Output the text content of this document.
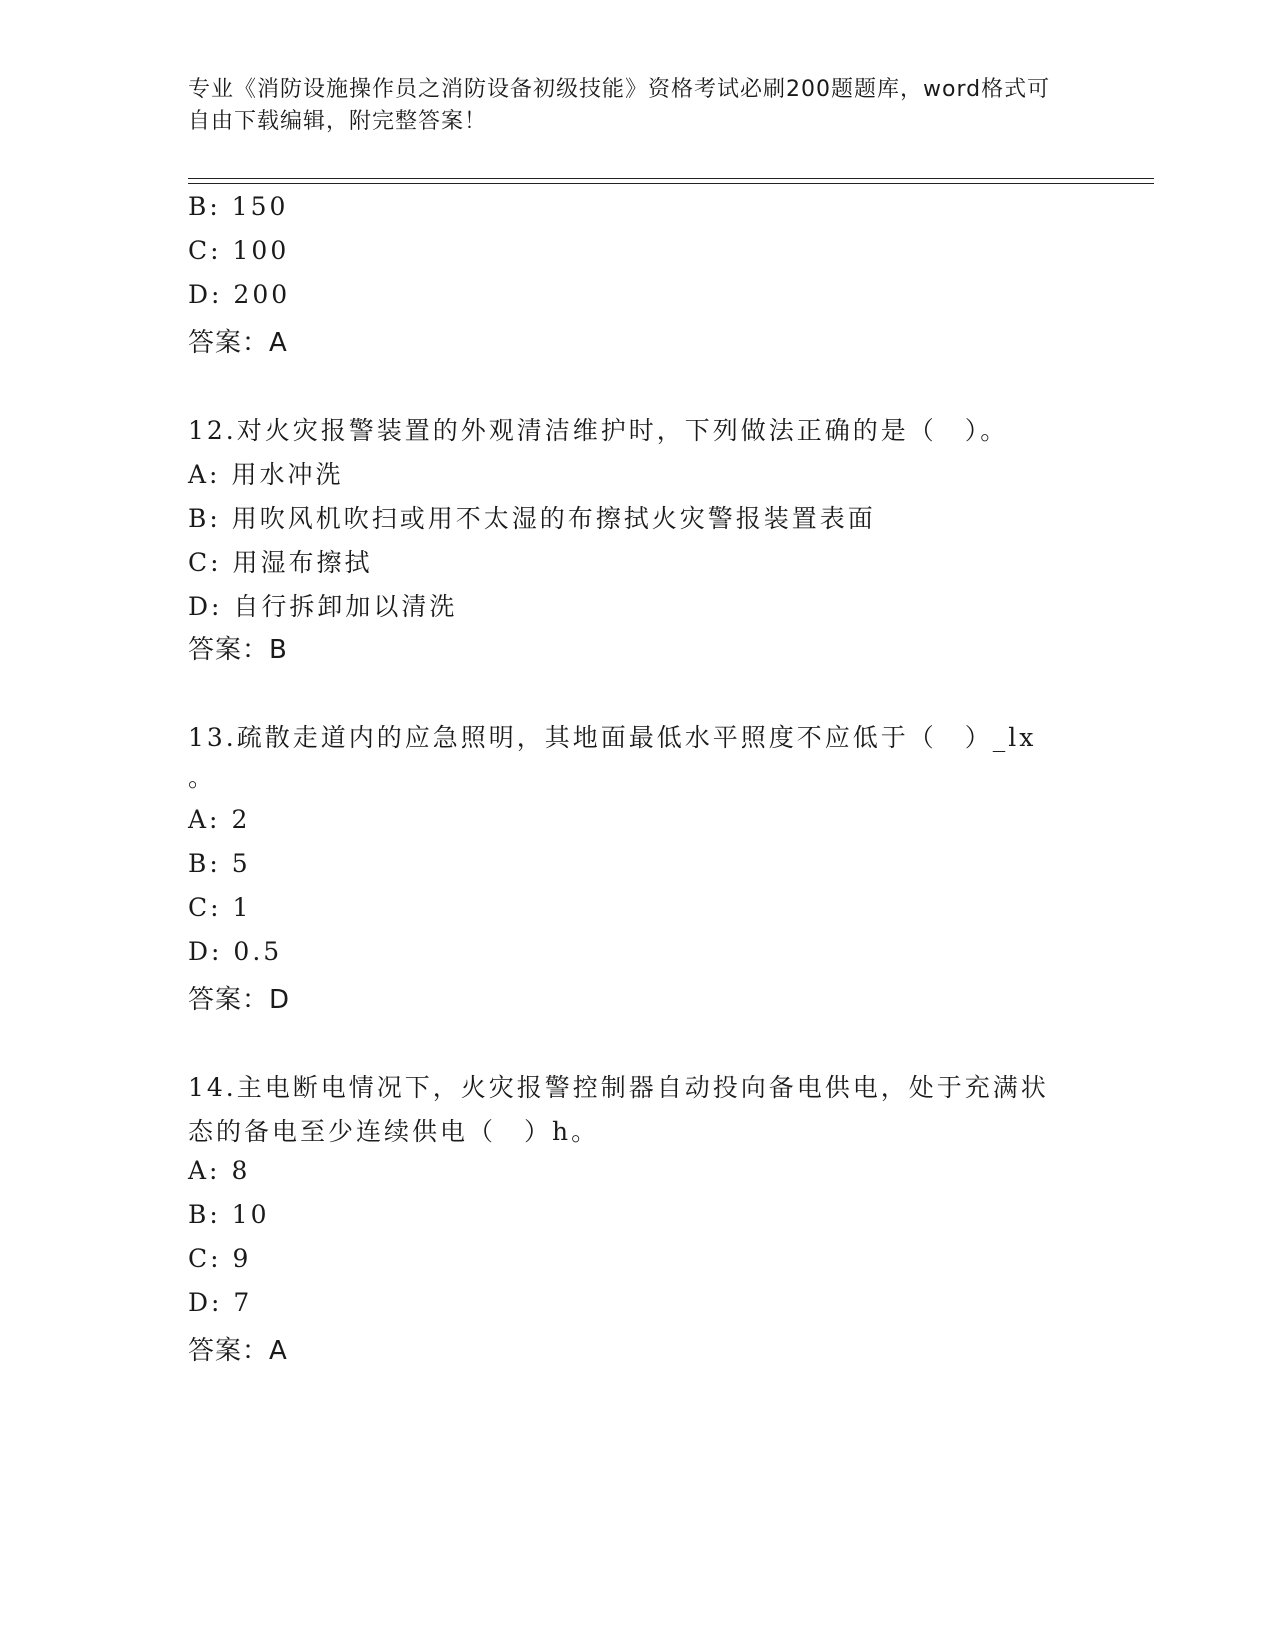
专业《消防设施操作员之消防设备初级技能》资格考试必刷200题题库，word格式可自由下载编辑，附完整答案！
B: 150
C: 100
D: 200
答案：A
12.对火灾报警装置的外观清洁维护时，下列做法正确的是（　）。
A: 用水冲洗
B: 用吹风机吹扫或用不太湿的布擦拭火灾警报装置表面
C: 用湿布擦拭
D: 自行拆卸加以清洗
答案：B
13.疏散走道内的应急照明，其地面最低水平照度不应低于（　）_lx
。
A: 2
B: 5
C: 1
D: 0.5
答案：D
14.主电断电情况下，火灾报警控制器自动投向备电供电，处于充满状
态的备电至少连续供电（　）h。
A: 8
B: 10
C: 9
D: 7
答案：A
